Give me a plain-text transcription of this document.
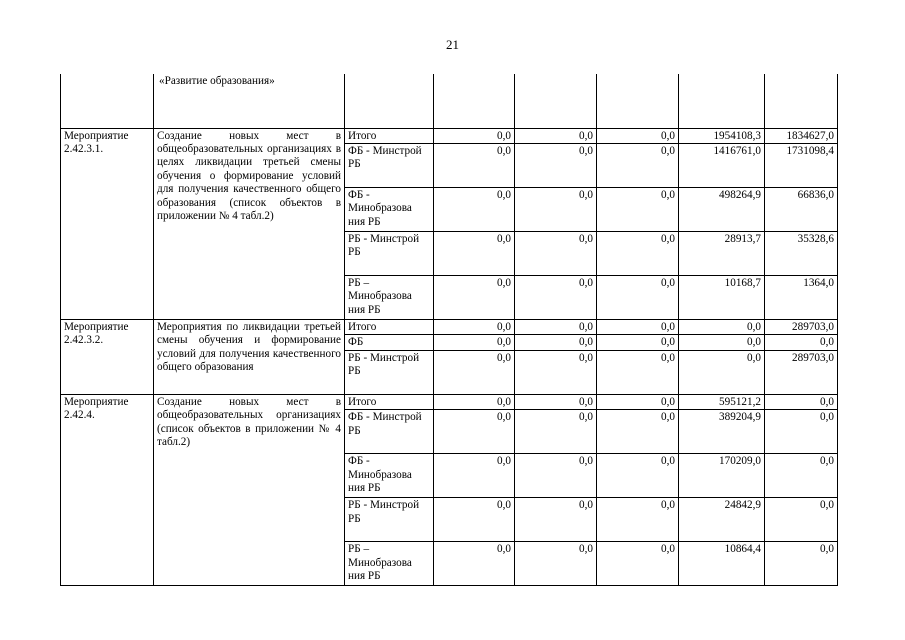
21
	«Развитие образования»						
Мероприятие 2.42.3.1.	Создание новых мест в общеобразовательных организациях в целях ликвидации третьей смены обучения о формирование условий для получения качественного общего образования (список объектов в приложении № 4 табл.2)	Итого	0,0	0,0	0,0	1954108,3	1834627,0
		ФБ - Минстрой РБ	0,0	0,0	0,0	1416761,0	1731098,4
		ФБ - Минобразова ния РБ	0,0	0,0	0,0	498264,9	66836,0
		РБ - Минстрой РБ	0,0	0,0	0,0	28913,7	35328,6
		РБ – Минобразова ния РБ	0,0	0,0	0,0	10168,7	1364,0
Мероприятие 2.42.3.2.	Мероприятия по ликвидации третьей смены обучения и формирование условий для получения качественного общего образования	Итого	0,0	0,0	0,0	0,0	289703,0
		ФБ	0,0	0,0	0,0	0,0	0,0
		РБ - Минстрой РБ	0,0	0,0	0,0	0,0	289703,0
Мероприятие 2.42.4.	Создание новых мест в общеобразовательных организациях (список объектов в приложении № 4 табл.2)	Итого	0,0	0,0	0,0	595121,2	0,0
		ФБ - Минстрой РБ	0,0	0,0	0,0	389204,9	0,0
		ФБ - Минобразова ния РБ	0,0	0,0	0,0	170209,0	0,0
		РБ - Минстрой РБ	0,0	0,0	0,0	24842,9	0,0
		РБ – Минобразова ния РБ	0,0	0,0	0,0	10864,4	0,0
